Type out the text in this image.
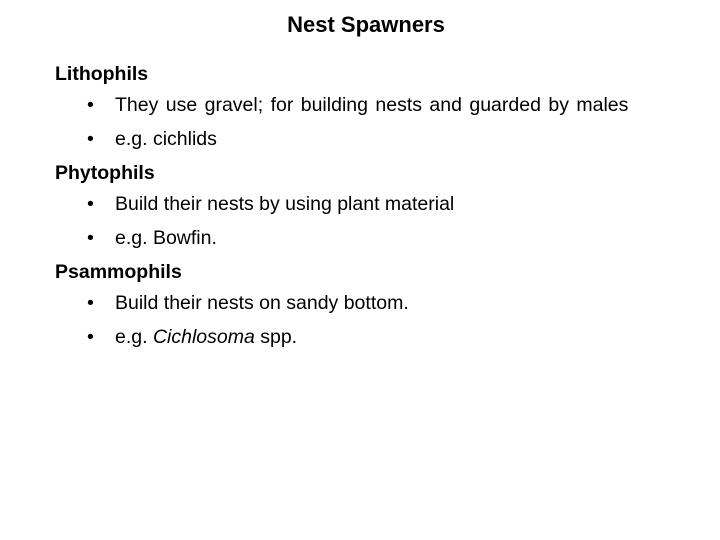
Nest Spawners

Lithophils

• They use gravel; for building nests and guarded by males
• e.g. cichlids

Phytophils

• Build their nests by using plant material
• e.g. Bowfin.

Psammophils

• Build their nests on sandy bottom.
• e.g. Cichlosoma spp.
